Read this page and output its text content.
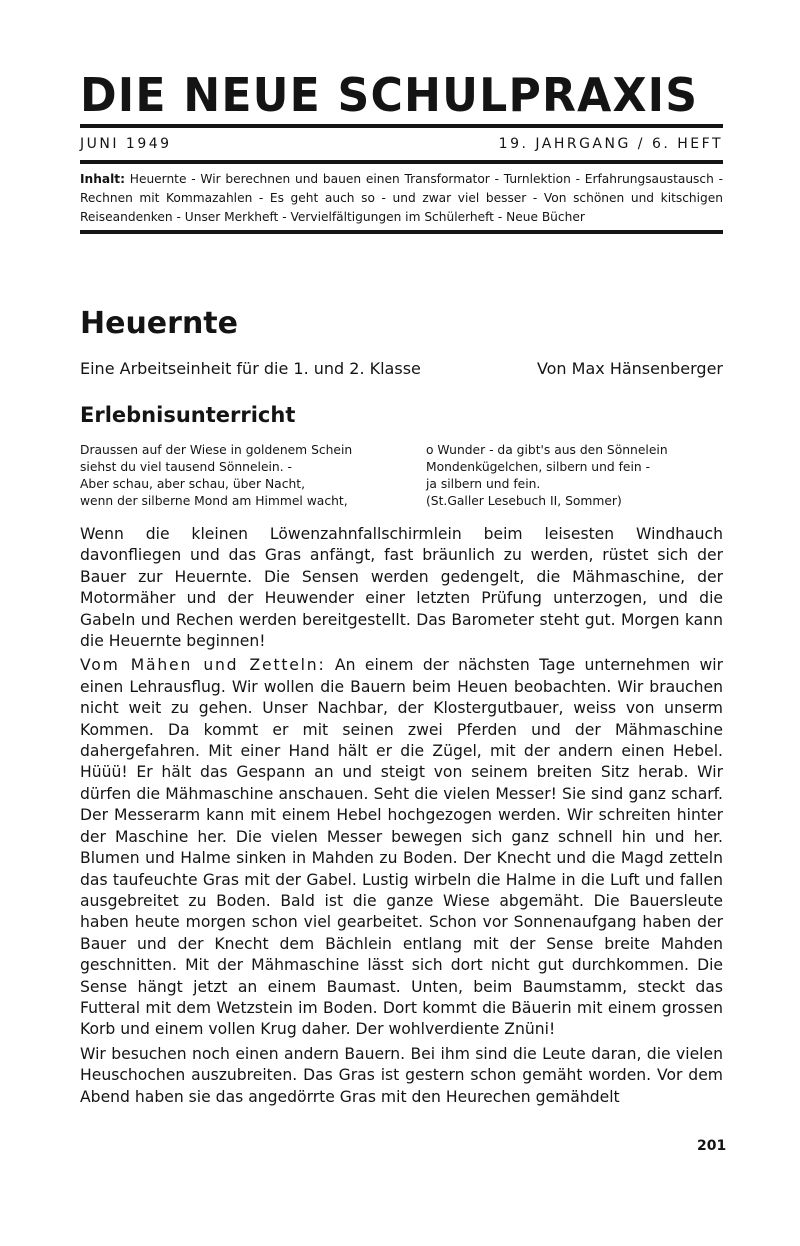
DIE NEUE SCHULPRAXIS
JUNI 1949	19. JAHRGANG / 6. HEFT
Inhalt: Heuernte - Wir berechnen und bauen einen Transformator - Turnlektion - Erfahrungsaustausch - Rechnen mit Kommazahlen - Es geht auch so - und zwar viel besser - Von schönen und kitschigen Reiseandenken - Unser Merkheft - Vervielfältigungen im Schülerheft - Neue Bücher
Heuernte
Eine Arbeitseinheit für die 1. und 2. Klasse	Von Max Hänsenberger
Erlebnisunterricht
Draussen auf der Wiese in goldenem Schein
siehst du viel tausend Sönnelein. -
Aber schau, aber schau, über Nacht,
wenn der silberne Mond am Himmel wacht,
o Wunder - da gibt's aus den Sönnelein
Mondenkügelchen, silbern und fein -
ja silbern und fein.
(St.Galler Lesebuch II, Sommer)

Wenn die kleinen Löwenzahnfallschirmlein beim leisesten Windhauch davonfliegen und das Gras anfängt, fast bräunlich zu werden, rüstet sich der Bauer zur Heuernte. Die Sensen werden gedengelt, die Mähmaschine, der Motormäher und der Heuwender einer letzten Prüfung unterzogen, und die Gabeln und Rechen werden bereitgestellt. Das Barometer steht gut. Morgen kann die Heuernte beginnen!

Vom Mähen und Zetteln: An einem der nächsten Tage unternehmen wir einen Lehrausflug. Wir wollen die Bauern beim Heuen beobachten. Wir brauchen nicht weit zu gehen. Unser Nachbar, der Klostergutbauer, weiss von unserm Kommen. Da kommt er mit seinen zwei Pferden und der Mähmaschine dahergefahren. Mit einer Hand hält er die Zügel, mit der andern einen Hebel. Hüüü! Er hält das Gespann an und steigt von seinem breiten Sitz herab. Wir dürfen die Mähmaschine anschauen. Seht die vielen Messer! Sie sind ganz scharf. Der Messerarm kann mit einem Hebel hochgezogen werden. Wir schreiten hinter der Maschine her. Die vielen Messer bewegen sich ganz schnell hin und her. Blumen und Halme sinken in Mahden zu Boden. Der Knecht und die Magd zetteln das taufeuchte Gras mit der Gabel. Lustig wirbeln die Halme in die Luft und fallen ausgebreitet zu Boden. Bald ist die ganze Wiese abgemäht. Die Bauersleute haben heute morgen schon viel gearbeitet. Schon vor Sonnenaufgang haben der Bauer und der Knecht dem Bächlein entlang mit der Sense breite Mahden geschnitten. Mit der Mähmaschine lässt sich dort nicht gut durchkommen. Die Sense hängt jetzt an einem Baumast. Unten, beim Baumstamm, steckt das Futteral mit dem Wetzstein im Boden. Dort kommt die Bäuerin mit einem grossen Korb und einem vollen Krug daher. Der wohlverdiente Znüni!

Wir besuchen noch einen andern Bauern. Bei ihm sind die Leute daran, die vielen Heuschochen auszubreiten. Das Gras ist gestern schon gemäht worden. Vor dem Abend haben sie das angedörrte Gras mit den Heurechen gemähdelt

201
